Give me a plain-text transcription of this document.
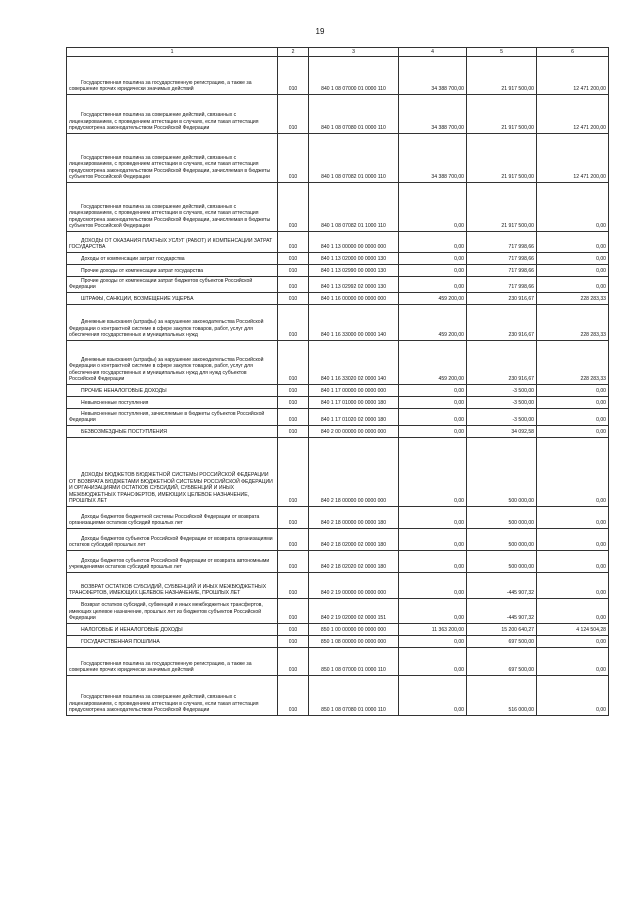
19
1	2	3	4	5	6
Государственная пошлина за государственную регистрацию, а также за совершение прочих юридически значимых действий	010	840 1 08 07000 01 0000 110	34 388 700,00	21 917 500,00	12 471 200,00
Государственная пошлина за совершение действий, связанных с лицензированием, с проведением аттестации в случаях, если такая аттестация предусмотрена законодательством Российской Федерации	010	840 1 08 07080 01 0000 110	34 388 700,00	21 917 500,00	12 471 200,00
Государственная пошлина за совершение действий, связанных с лицензированием, с проведением аттестации в случаях, если такая аттестация предусмотрена законодательством Российской Федерации, зачисляемая в бюджеты субъектов Российской Федерации	010	840 1 08 07082 01 0000 110	34 388 700,00	21 917 500,00	12 471 200,00
Государственная пошлина за совершение действий, связанных с лицензированием, с проведением аттестации в случаях, если такая аттестация предусмотрена законодательством Российской Федерации, зачисляемая в бюджеты субъектов Российской Федерации	010	840 1 08 07082 01 1000 110	0,00	21 917 500,00	0,00
ДОХОДЫ ОТ ОКАЗАНИЯ ПЛАТНЫХ УСЛУГ (РАБОТ) И КОМПЕНСАЦИИ ЗАТРАТ ГОСУДАРСТВА	010	840 1 13 00000 00 0000 000	0,00	717 998,66	0,00
Доходы от компенсации затрат государства	010	840 1 13 02000 00 0000 130	0,00	717 998,66	0,00
Прочие доходы от компенсации затрат государства	010	840 1 13 02990 00 0000 130	0,00	717 998,66	0,00
Прочие доходы от компенсации затрат бюджетов субъектов Российской Федерации	010	840 1 13 02992 02 0000 130	0,00	717 998,66	0,00
ШТРАФЫ, САНКЦИИ, ВОЗМЕЩЕНИЕ УЩЕРБА	010	840 1 16 00000 00 0000 000	459 200,00	230 916,67	228 283,33
Денежные взыскания (штрафы) за нарушение законодательства Российской Федерации о контрактной системе в сфере закупок товаров, работ, услуг для обеспечения государственных и муниципальных нужд	010	840 1 16 33000 00 0000 140	459 200,00	230 916,67	228 283,33
Денежные взыскания (штрафы) за нарушение законодательства Российской Федерации о контрактной системе в сфере закупок товаров, работ, услуг для обеспечения государственных и муниципальных нужд для нужд субъектов Российской Федерации	010	840 1 16 33020 02 0000 140	459 200,00	230 916,67	228 283,33
ПРОЧИЕ НЕНАЛОГОВЫЕ ДОХОДЫ	010	840 1 17 00000 00 0000 000	0,00	-3 500,00	0,00
Невыясненные поступления	010	840 1 17 01000 00 0000 180	0,00	-3 500,00	0,00
Невыясненные поступления, зачисляемые в бюджеты субъектов Российской Федерации	010	840 1 17 01020 02 0000 180	0,00	-3 500,00	0,00
БЕЗВОЗМЕЗДНЫЕ ПОСТУПЛЕНИЯ	010	840 2 00 00000 00 0000 000	0,00	34 092,58	0,00
ДОХОДЫ БЮДЖЕТОВ БЮДЖЕТНОЙ СИСТЕМЫ РОССИЙСКОЙ ФЕДЕРАЦИИ ОТ ВОЗВРАТА БЮДЖЕТАМИ БЮДЖЕТНОЙ СИСТЕМЫ РОССИЙСКОЙ ФЕДЕРАЦИИ И ОРГАНИЗАЦИЯМИ ОСТАТКОВ СУБСИДИЙ, СУБВЕНЦИЙ И ИНЫХ МЕЖБЮДЖЕТНЫХ ТРАНСФЕРТОВ, ИМЕЮЩИХ ЦЕЛЕВОЕ НАЗНАЧЕНИЕ, ПРОШЛЫХ ЛЕТ	010	840 2 18 00000 00 0000 000	0,00	500 000,00	0,00
Доходы бюджетов бюджетной системы Российской Федерации от возврата организациями остатков субсидий прошлых лет	010	840 2 18 00000 00 0000 180	0,00	500 000,00	0,00
Доходы бюджетов субъектов Российской Федерации от возврата организациями остатков субсидий прошлых лет	010	840 2 18 02000 02 0000 180	0,00	500 000,00	0,00
Доходы бюджетов субъектов Российской Федерации от возврата автономными учреждениями остатков субсидий прошлых лет	010	840 2 18 02020 02 0000 180	0,00	500 000,00	0,00
ВОЗВРАТ ОСТАТКОВ СУБСИДИЙ, СУБВЕНЦИЙ И ИНЫХ МЕЖБЮДЖЕТНЫХ ТРАНСФЕРТОВ, ИМЕЮЩИХ ЦЕЛЕВОЕ НАЗНАЧЕНИЕ, ПРОШЛЫХ ЛЕТ	010	840 2 19 00000 00 0000 000	0,00	-445 907,32	0,00
Возврат остатков субсидий, субвенций и иных межбюджетных трансфертов, имеющих целевое назначение, прошлых лет из бюджетов субъектов Российской Федерации	010	840 2 19 02000 02 0000 151	0,00	-445 907,32	0,00
НАЛОГОВЫЕ И НЕНАЛОГОВЫЕ ДОХОДЫ	010	850 1 00 00000 00 0000 000	11 363 200,00	15 200 640,27	4 124 504,28
ГОСУДАРСТВЕННАЯ ПОШЛИНА	010	850 1 08 00000 00 0000 000	0,00	697 500,00	0,00
Государственная пошлина за государственную регистрацию, а также за совершение прочих юридически значимых действий	010	850 1 08 07000 01 0000 110	0,00	697 500,00	0,00
Государственная пошлина за совершение действий, связанных с лицензированием, с проведением аттестации в случаях, если такая аттестация предусмотрена законодательством Российской Федерации	010	850 1 08 07080 01 0000 110	0,00	516 000,00	0,00
